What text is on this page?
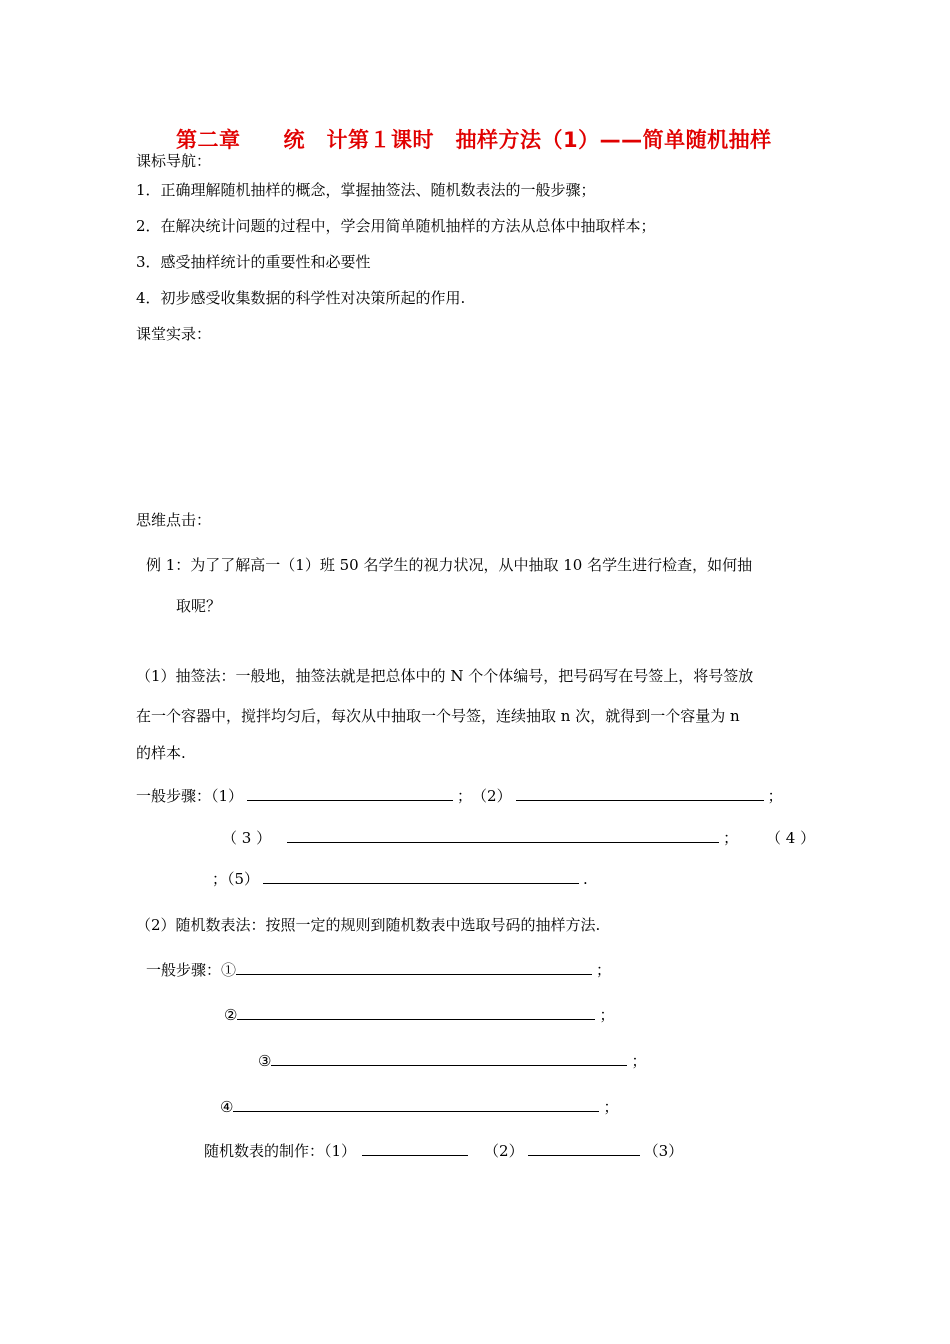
第二章　　统　计第１课时　抽样方法（1）——简单随机抽样
课标导航：
1．正确理解随机抽样的概念，掌握抽签法、随机数表法的一般步骤；
2．在解决统计问题的过程中，学会用简单随机抽样的方法从总体中抽取样本；
3．感受抽样统计的重要性和必要性
4．初步感受收集数据的科学性对决策所起的作用.
课堂实录：
思维点击：
例 1：为了了解高一（1）班 50 名学生的视力状况，从中抽取 10 名学生进行检查，如何抽
取呢？
（1）抽签法：一般地，抽签法就是把总体中的 N 个个体编号，把号码写在号签上，将号签放
在一个容器中，搅拌均匀后，每次从中抽取一个号签，连续抽取 n 次，就得到一个容量为 n
的样本.
一般步骤：（1）	；　（2）	；
（ 3 ）	； （ 4 ）
；（5）	.
（2）随机数表法：按照一定的规则到随机数表中选取号码的抽样方法.
一般步骤：①	；
②	；
③	；
④	；
随机数表的制作：（1）	（2）	（3）
